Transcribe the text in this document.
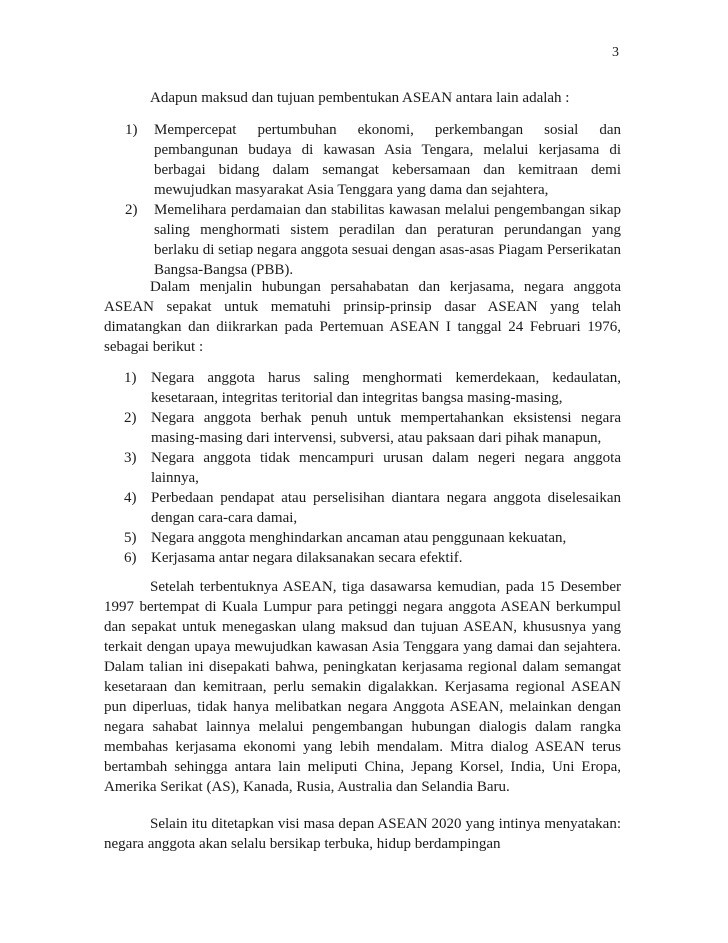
3
Adapun maksud dan tujuan pembentukan ASEAN antara lain adalah :
1) Mempercepat pertumbuhan ekonomi, perkembangan sosial dan pembangunan budaya di kawasan Asia Tengara, melalui kerjasama di berbagai bidang dalam semangat kebersamaan dan kemitraan demi mewujudkan masyarakat Asia Tenggara yang dama dan sejahtera,
2) Memelihara perdamaian dan stabilitas kawasan melalui pengembangan sikap saling menghormati sistem peradilan dan peraturan perundangan yang berlaku di setiap negara anggota sesuai dengan asas-asas Piagam Perserikatan Bangsa-Bangsa (PBB).

Dalam menjalin hubungan persahabatan dan kerjasama, negara anggota ASEAN sepakat untuk mematuhi prinsip-prinsip dasar ASEAN yang telah dimatangkan dan diikrarkan pada Pertemuan ASEAN I tanggal 24 Februari 1976, sebagai berikut :

1) Negara anggota harus saling menghormati kemerdekaan, kedaulatan, kesetaraan, integritas teritorial dan integritas bangsa masing-masing,
2) Negara anggota berhak penuh untuk mempertahankan eksistensi negara masing-masing dari intervensi, subversi, atau paksaan dari pihak manapun,
3) Negara anggota tidak mencampuri urusan dalam negeri negara anggota lainnya,
4) Perbedaan pendapat atau perselisihan diantara negara anggota diselesaikan dengan cara-cara damai,
5) Negara anggota menghindarkan ancaman atau penggunaan kekuatan,
6) Kerjasama antar negara dilaksanakan secara efektif.

Setelah terbentuknya ASEAN, tiga dasawarsa kemudian, pada 15 Desember 1997 bertempat di Kuala Lumpur para petinggi negara anggota ASEAN berkumpul dan sepakat untuk menegaskan ulang maksud dan tujuan ASEAN, khususnya yang terkait dengan upaya mewujudkan kawasan Asia Tenggara yang damai dan sejahtera. Dalam talian ini disepakati bahwa, peningkatan kerjasama regional dalam semangat kesetaraan dan kemitraan, perlu semakin digalakkan. Kerjasama regional ASEAN pun diperluas, tidak hanya melibatkan negara Anggota ASEAN, melainkan dengan negara sahabat lainnya melalui pengembangan hubungan dialogis dalam rangka membahas kerjasama ekonomi yang lebih mendalam. Mitra dialog ASEAN terus bertambah sehingga antara lain meliputi China, Jepang Korsel, India, Uni Eropa, Amerika Serikat (AS), Kanada, Rusia, Australia dan Selandia Baru.

Selain itu ditetapkan visi masa depan ASEAN 2020 yang intinya menyatakan: negara anggota akan selalu bersikap terbuka, hidup berdampingan
